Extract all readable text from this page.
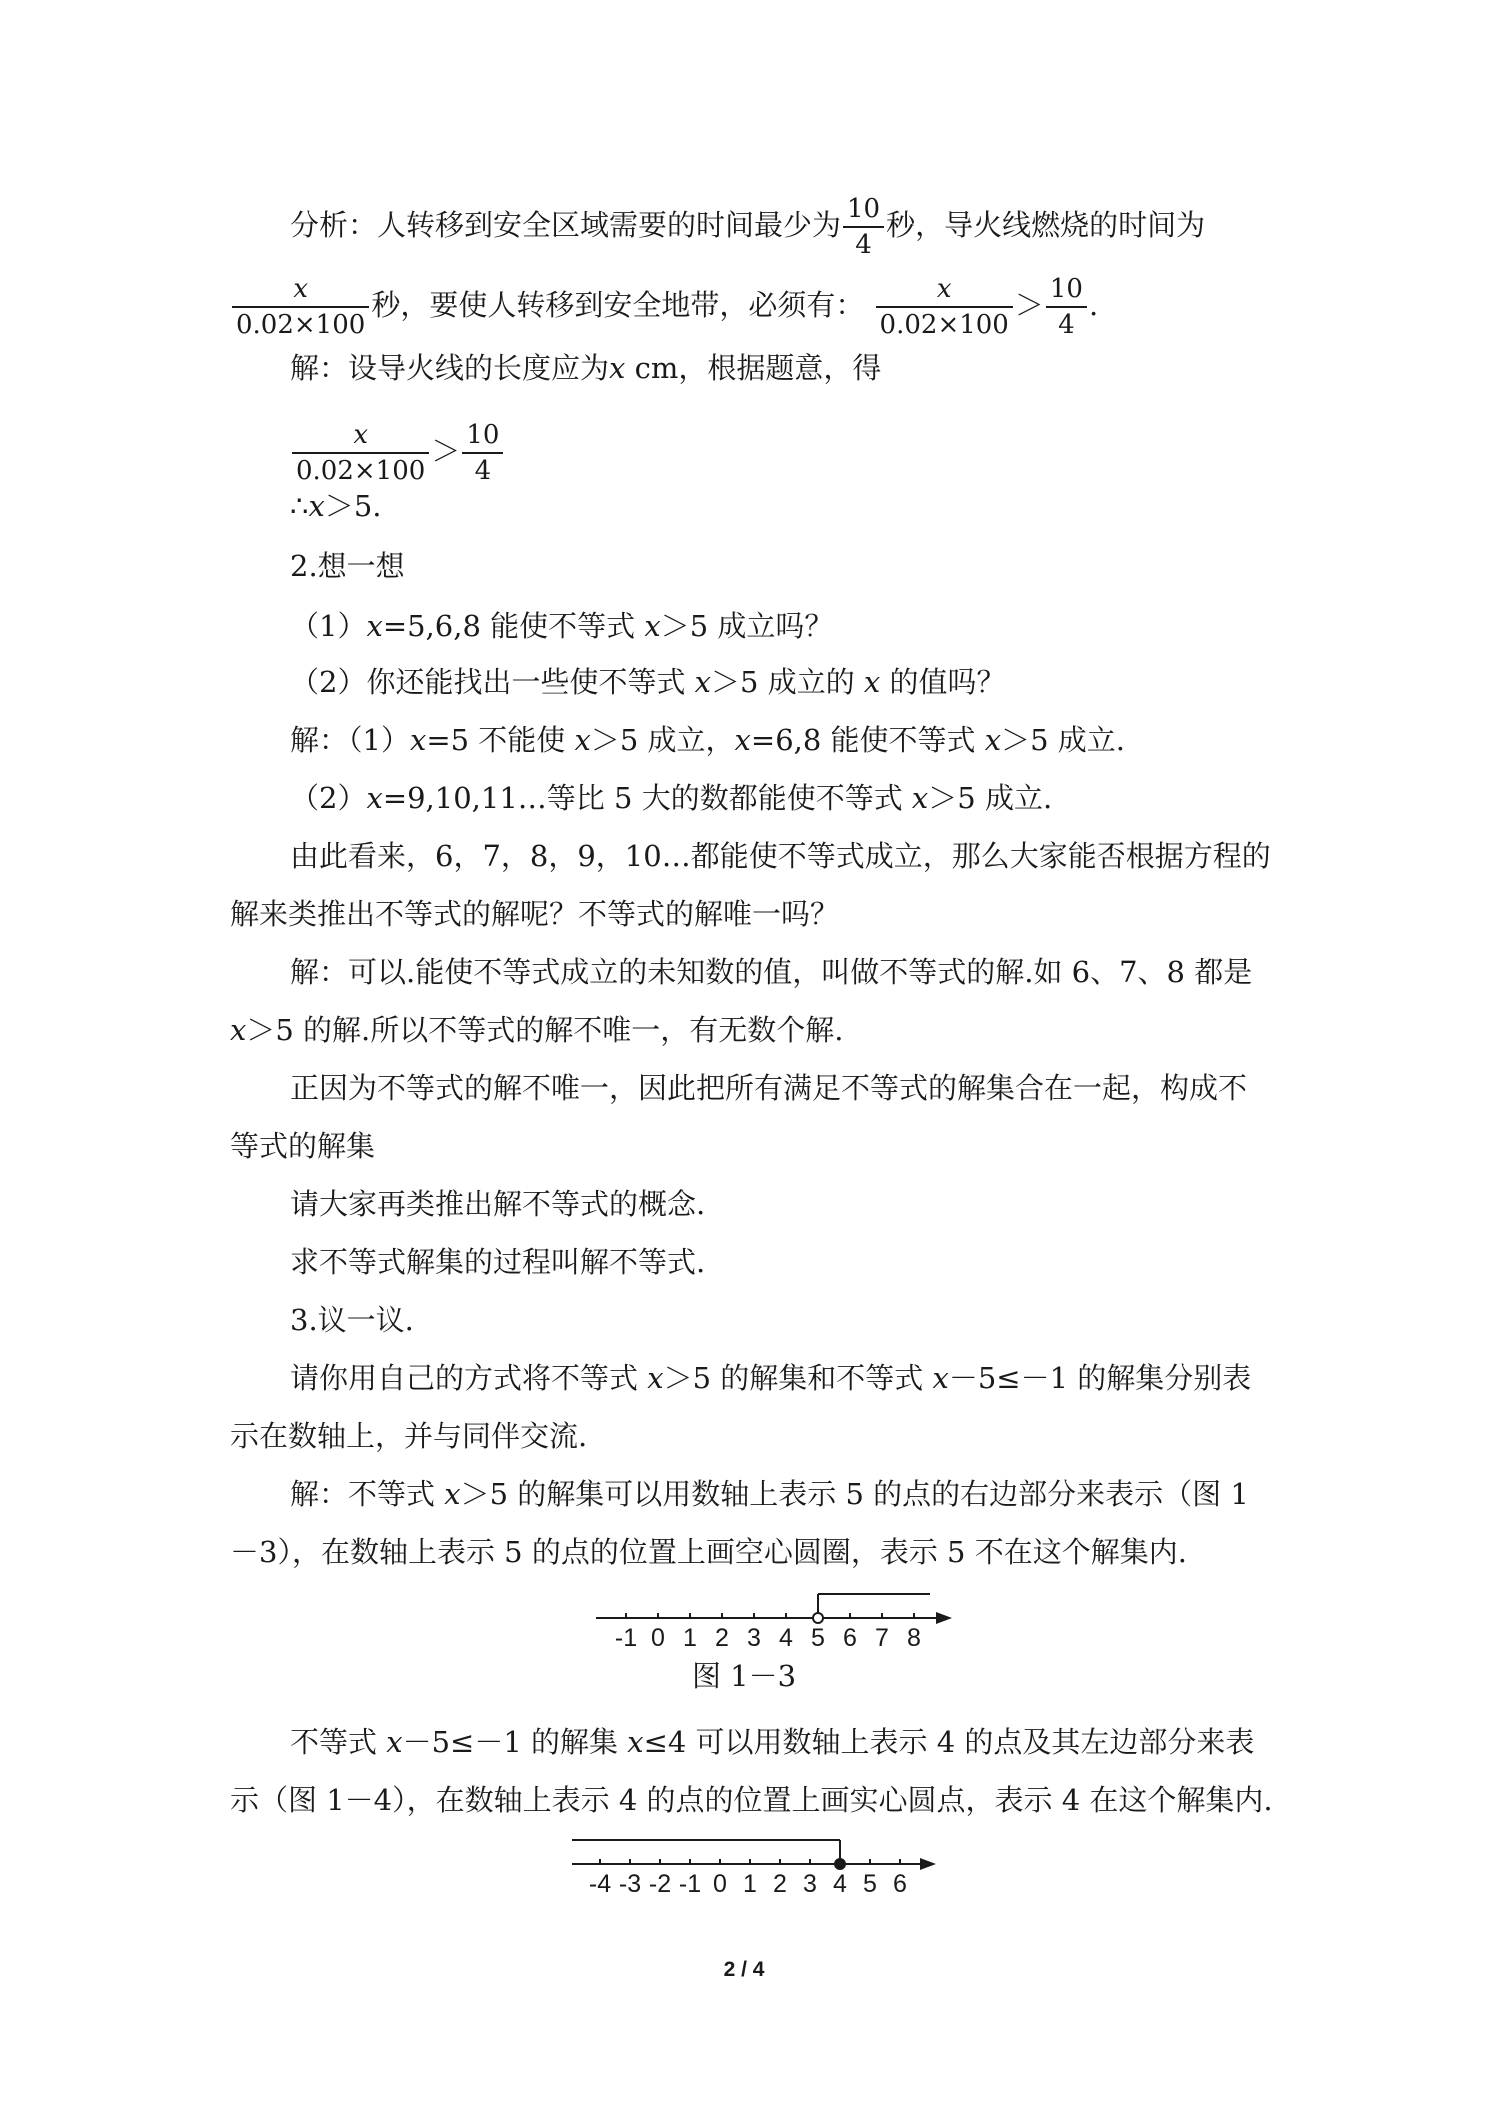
分析：人转移到安全区域需要的时间最少为 $\frac{10}{4}$ 秒，导火线燃烧的时间为
$\frac{x}{0.02\times 100}$ 秒，要使人转移到安全地带，必须有： $\frac{x}{0.02\times 100} > \frac{10}{4}$ .
解：设导火线的长度应为x cm，根据题意，得
$\frac{x}{0.02\times 100} > \frac{10}{4}$
∴x＞5.
2.想一想
（1）x=5,6,8 能使不等式 x＞5 成立吗？
（2）你还能找出一些使不等式 x＞5 成立的 x 的值吗？
解：（1）x=5 不能使 x＞5 成立，x=6,8 能使不等式 x＞5 成立.
（2）x=9,10,11…等比 5 大的数都能使不等式 x＞5 成立.
由此看来，6，7，8，9，10…都能使不等式成立，那么大家能否根据方程的
解来类推出不等式的解呢？不等式的解唯一吗？
解：可以.能使不等式成立的未知数的值，叫做不等式的解.如 6、7、8 都是
x＞5 的解.所以不等式的解不唯一，有无数个解.
正因为不等式的解不唯一，因此把所有满足不等式的解集合在一起，构成不
等式的解集
请大家再类推出解不等式的概念.
求不等式解集的过程叫解不等式.
3.议一议.
请你用自己的方式将不等式 x＞5 的解集和不等式 x－5≤－1 的解集分别表
示在数轴上，并与同伴交流.
解：不等式 x＞5 的解集可以用数轴上表示 5 的点的右边部分来表示（图 1
－3），在数轴上表示 5 的点的位置上画空心圆圈，表示 5 不在这个解集内.
-1 0 1 2 3 4 5 6 7 8
图 1－3
不等式 x－5≤－1 的解集 x≤4 可以用数轴上表示 4 的点及其左边部分来表
示（图 1－4），在数轴上表示 4 的点的位置上画实心圆点，表示 4 在这个解集内.
-4 -3 -2 -1 0 1 2 3 4 5 6
2 / 4
